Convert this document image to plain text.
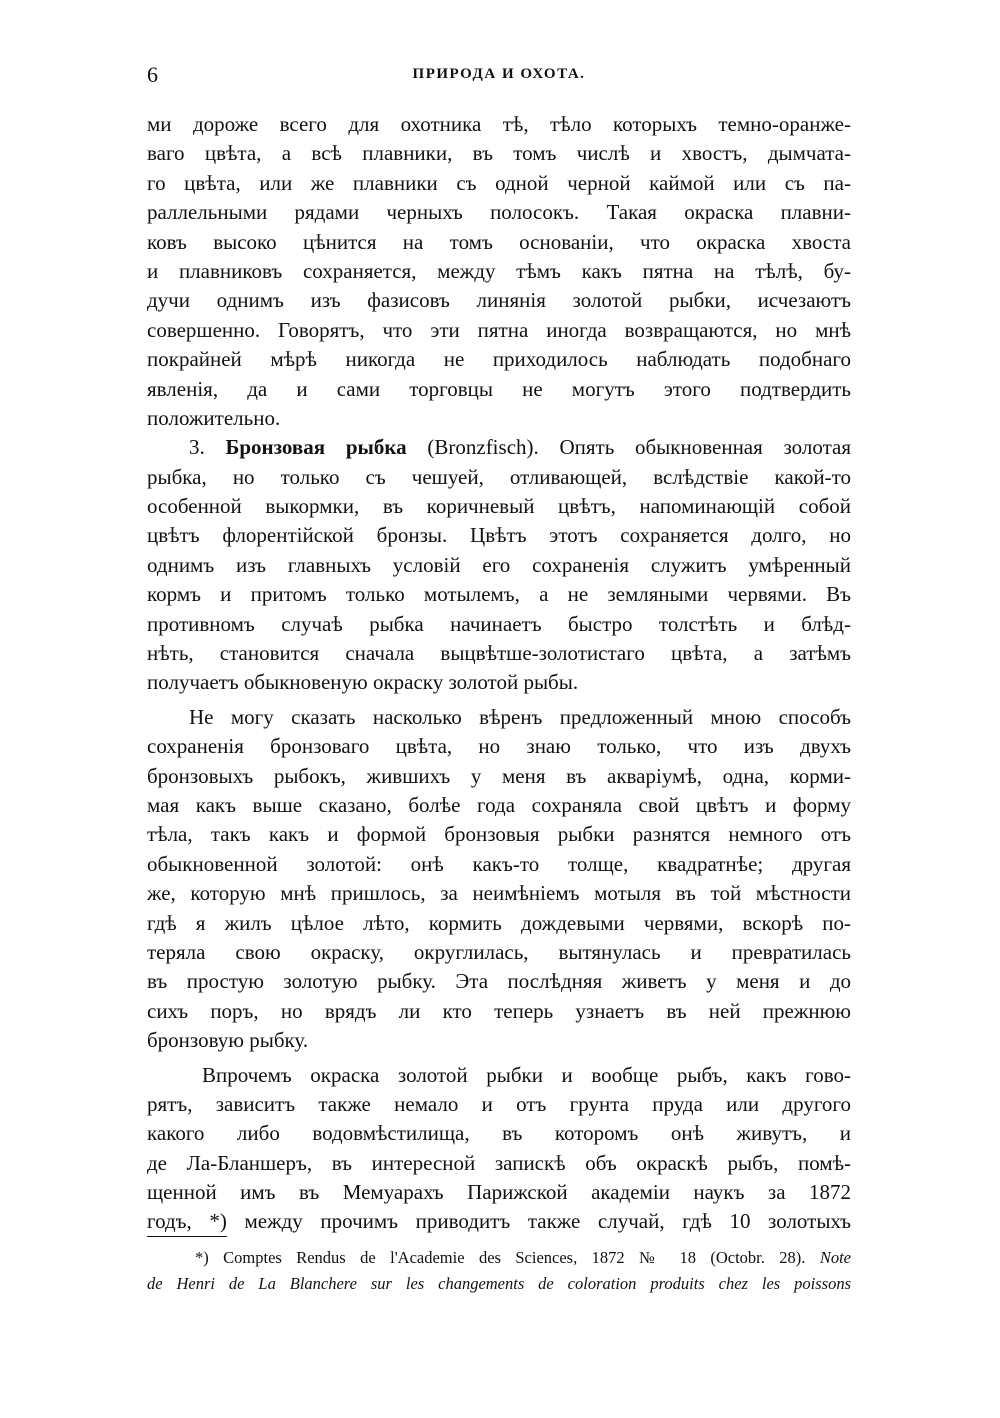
6	ПРИРОДА И ОХОТА.
ми дороже всего для охотника тѣ, тѣло которыхъ темно-оранже-
ваго цвѣта, а всѣ плавники, въ томъ числѣ и хвостъ, дымчата-
го цвѣта, или же плавники съ одной черной каймой или съ па-
раллельными рядами черныхъ полосокъ. Такая окраска плавни-
ковъ высоко цѣнится на томъ основаніи, что окраска хвоста
и плавниковъ сохраняется, между тѣмъ какъ пятна на тѣлѣ, бу-
дучи однимъ изъ фазисовъ линянія золотой рыбки, исчезаютъ
совершенно. Говорятъ, что эти пятна иногда возвращаются, но мнѣ
покрайней мѣрѣ никогда не приходилось наблюдать подобнаго
явленія, да и сами торговцы не могутъ этого подтвердить
положительно.
3. Бронзовая рыбка (Bronzfisch). Опять обыкновенная золотая
рыбка, но только съ чешуей, отливающей, вслѣдствіе какой-то
особенной выкормки, въ коричневый цвѣтъ, напоминающій собой
цвѣтъ флорентійской бронзы. Цвѣтъ этотъ сохраняется долго, но
однимъ изъ главныхъ условій его сохраненія служитъ умѣренный
кормъ и притомъ только мотылемъ, а не земляными червями. Въ
противномъ случаѣ рыбка начинаетъ быстро толстѣть и блѣд-
нѣть, становится сначала выцвѣтше-золотистаго цвѣта, а затѣмъ
получаетъ обыкновеную окраску золотой рыбы.
Не могу сказать насколько вѣренъ предложенный мною способъ
сохраненія бронзоваго цвѣта, но знаю только, что изъ двухъ
бронзовыхъ рыбокъ, жившихъ у меня въ акваріумѣ, одна, корми-
мая какъ выше сказано, болѣе года сохраняла свой цвѣтъ и форму
тѣла, такъ какъ и формой бронзовыя рыбки разнятся немного отъ
обыкновенной золотой: онѣ какъ-то толще, квадратнѣе; другая
же, которую мнѣ пришлось, за неимѣніемъ мотыля въ той мѣстности
гдѣ я жилъ цѣлое лѣто, кормить дождевыми червями, вскорѣ по-
теряла свою окраску, округлилась, вытянулась и превратилась
въ простую золотую рыбку. Эта послѣдняя живетъ у меня и до
сихъ поръ, но врядъ ли кто теперь узнаетъ въ ней прежнюю
бронзовую рыбку.
Впрочемъ окраска золотой рыбки и вообще рыбъ, какъ гово-
рятъ, зависитъ также немало и отъ грунта пруда или другого
какого либо водовмѣстилища, въ которомъ онѣ живутъ, и
де Ла-Бланшеръ, въ интересной запискѣ объ окраскѣ рыбъ, помѣ-
щенной имъ въ Мемуарахъ Парижской академіи наукъ за 1872
годъ, *) между прочимъ приводитъ также случай, гдѣ 10 золотыхъ
*) Comptes Rendus de l'Academie des Sciences, 1872 № 18 (Octobr. 28). Note
de Henri de La Blanchere sur les changements de coloration produits chez les poissons
